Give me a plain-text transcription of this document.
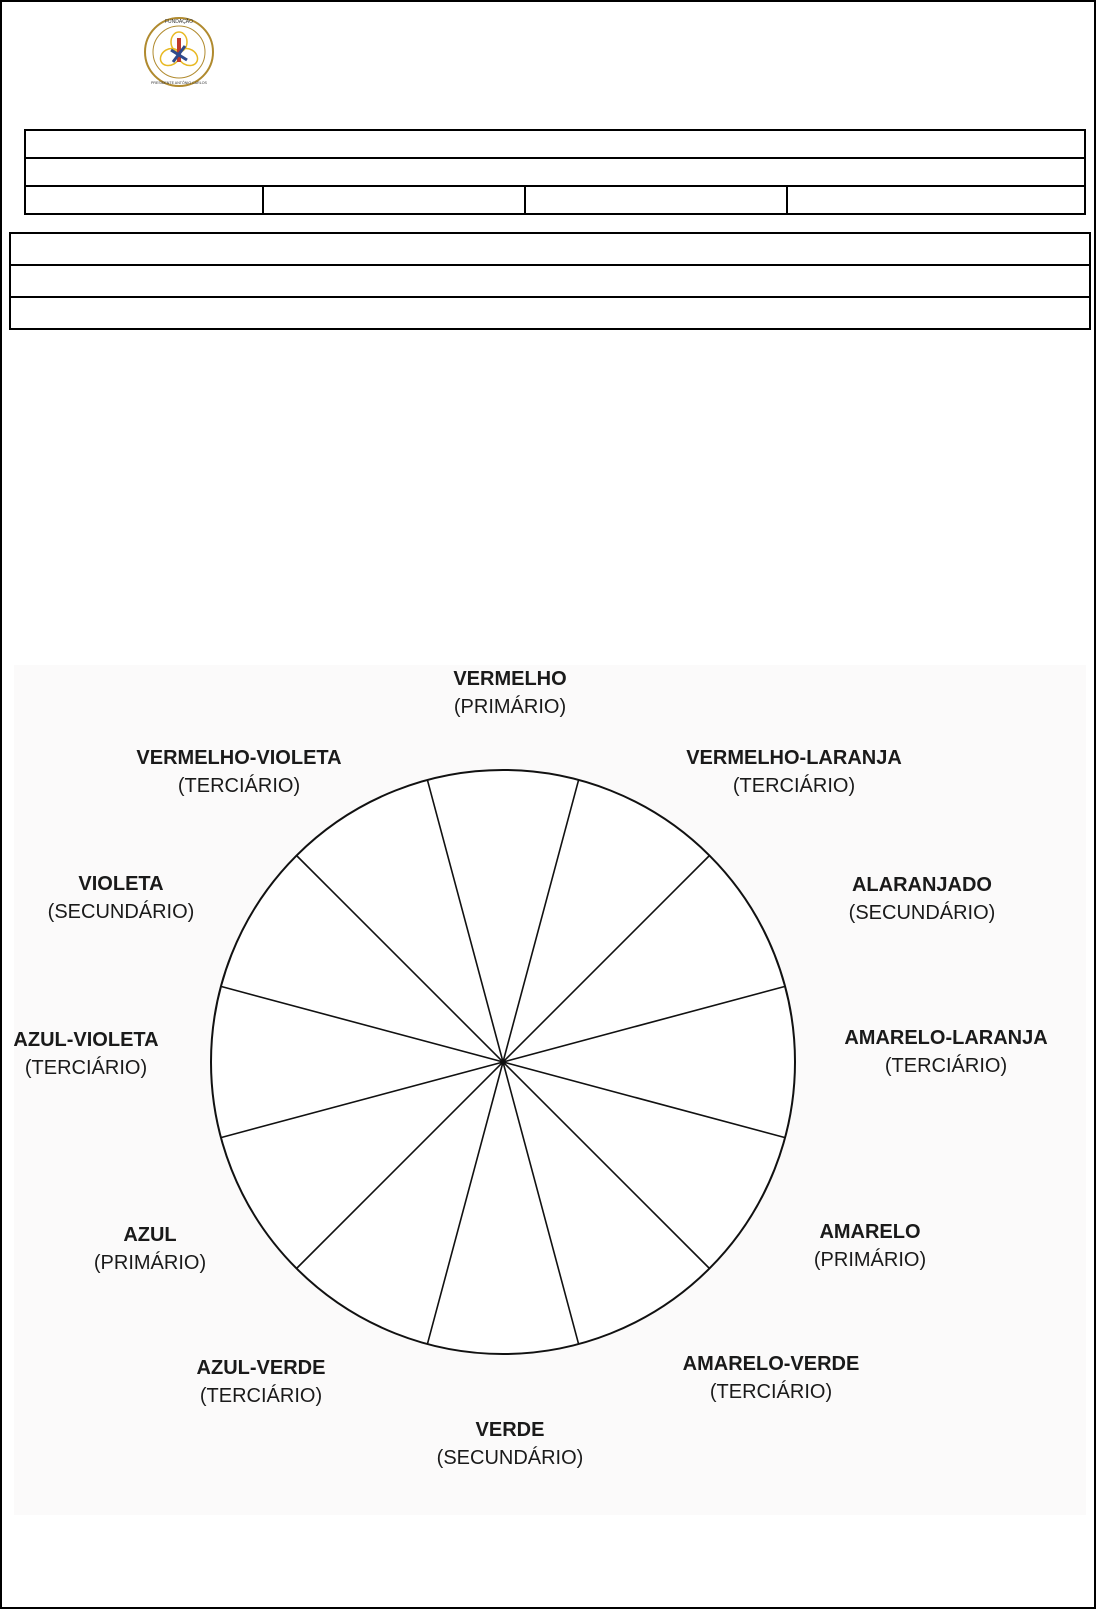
FUNDAÇÃO
PRESIDENTE ANTÔNIO CARLOS

VERMELHO
(PRIMÁRIO)
VERMELHO-LARANJA
(TERCIÁRIO)
ALARANJADO
(SECUNDÁRIO)
AMARELO-LARANJA
(TERCIÁRIO)
AMARELO
(PRIMÁRIO)
AMARELO-VERDE
(TERCIÁRIO)
VERDE
(SECUNDÁRIO)
AZUL-VERDE
(TERCIÁRIO)
AZUL
(PRIMÁRIO)
AZUL-VIOLETA
(TERCIÁRIO)
VIOLETA
(SECUNDÁRIO)
VERMELHO-VIOLETA
(TERCIÁRIO)
